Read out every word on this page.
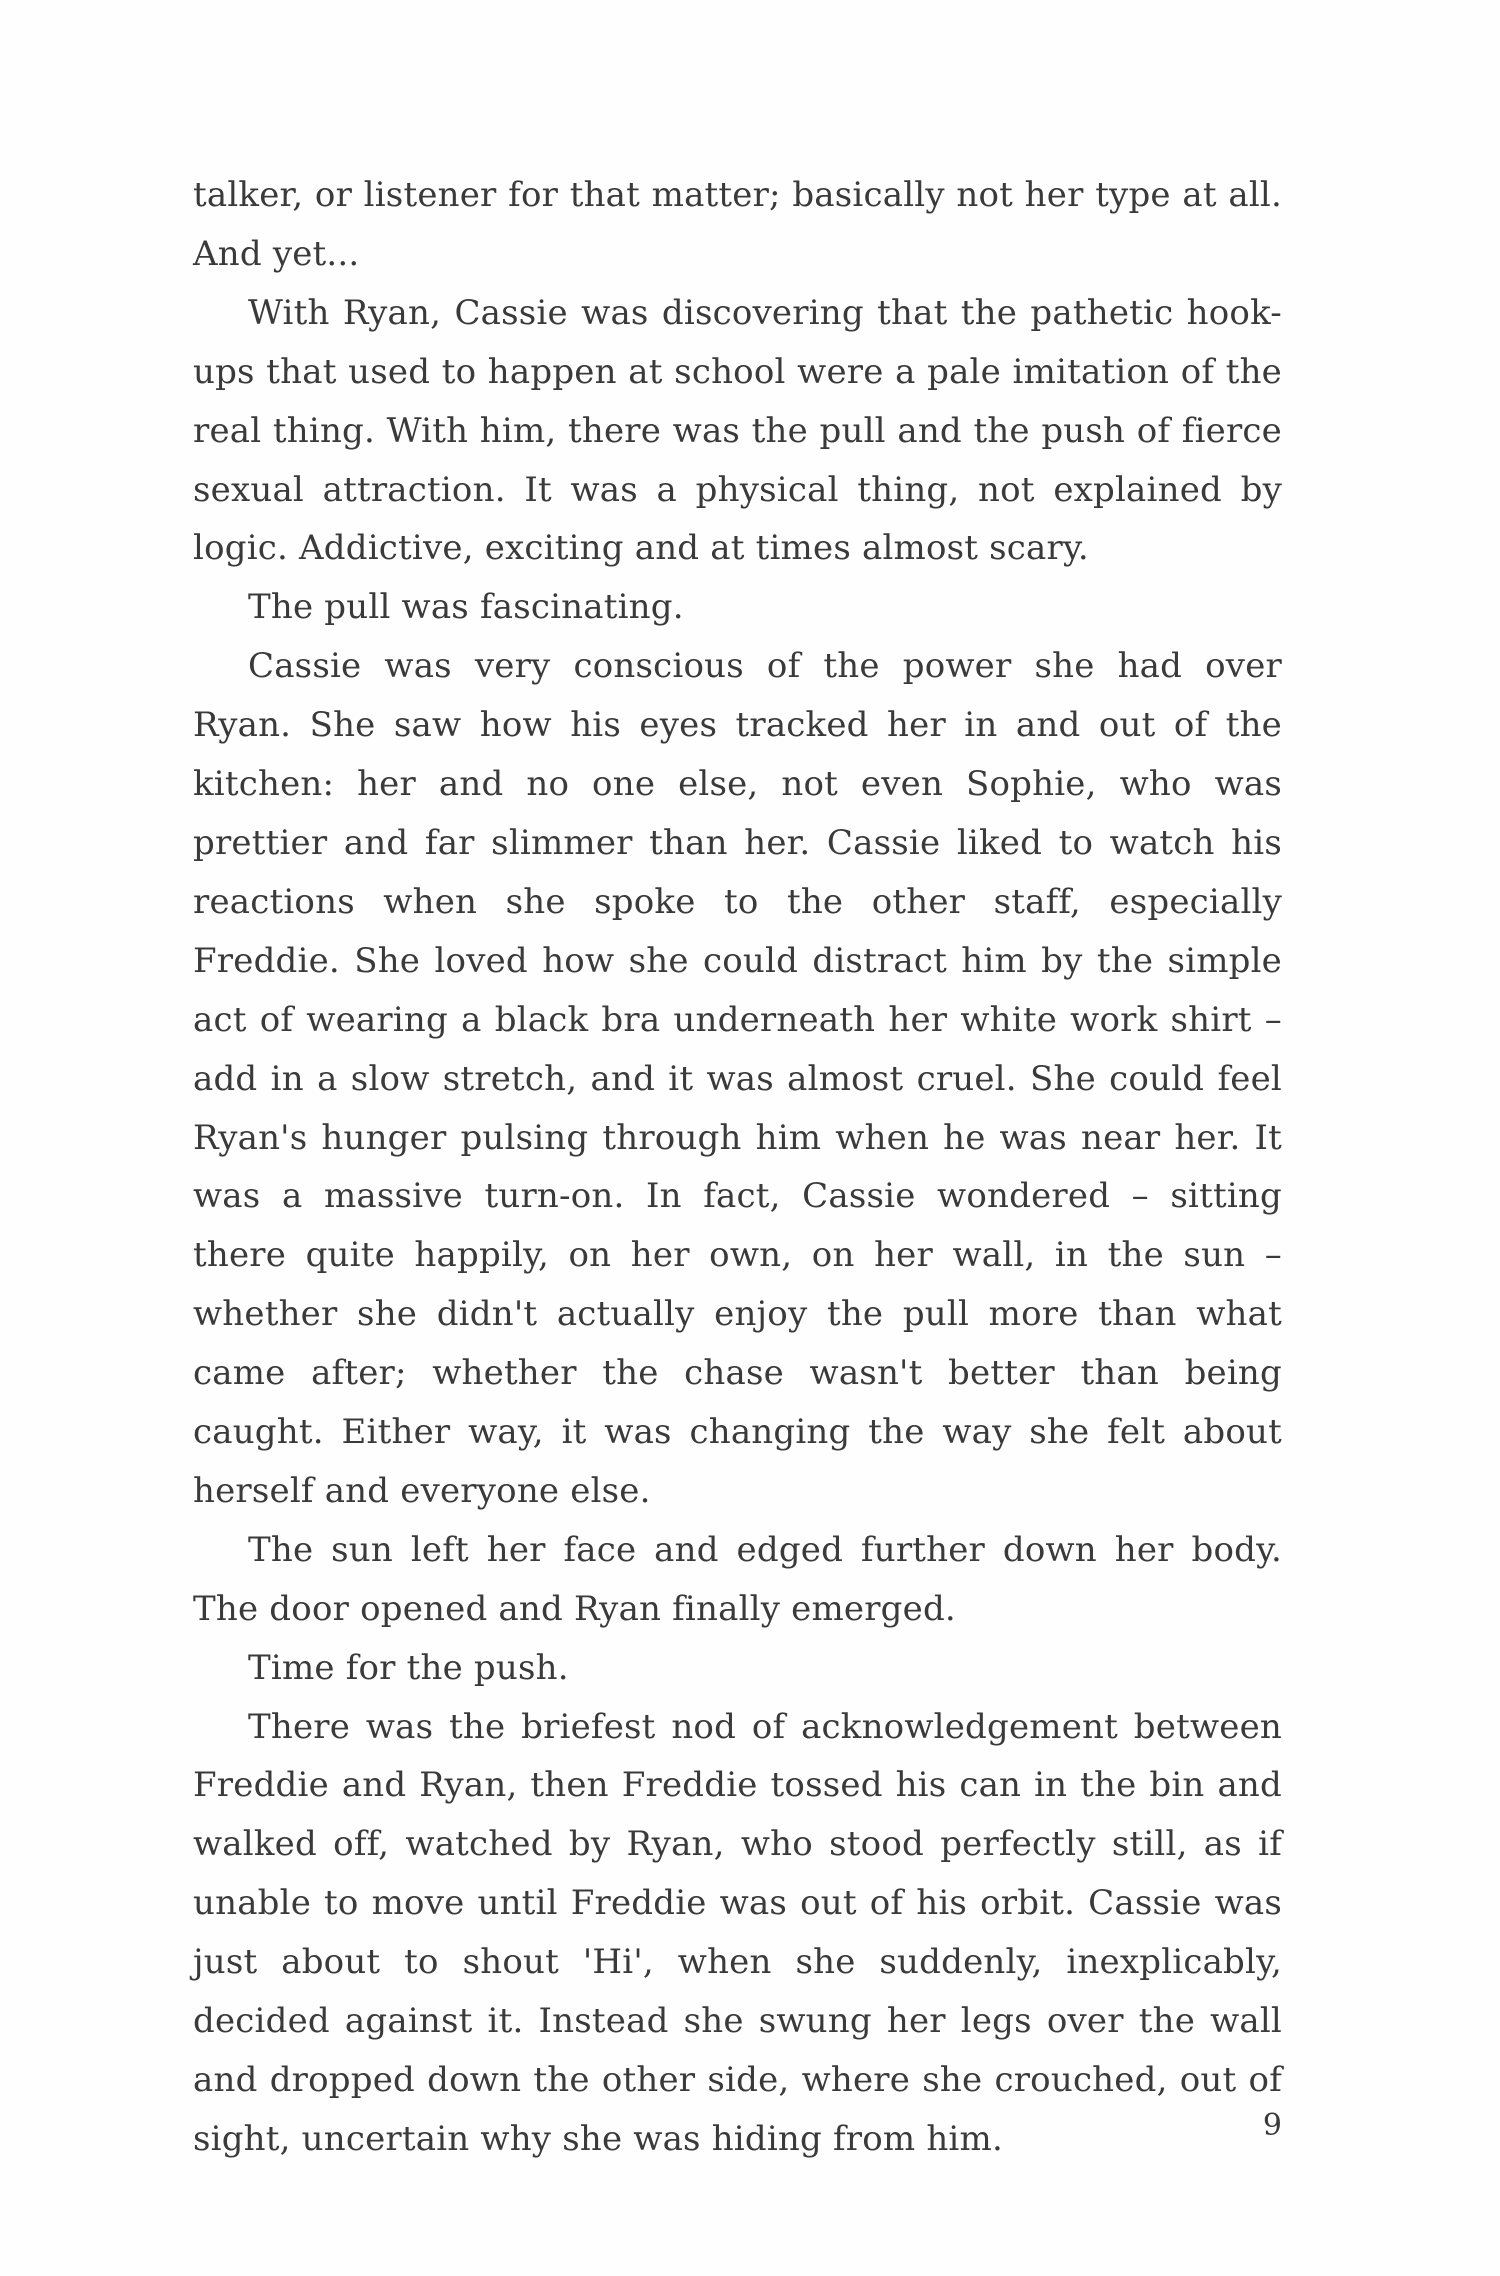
talker, or listener for that matter; basically not her type at all. And yet...

With Ryan, Cassie was discovering that the pathetic hook-ups that used to happen at school were a pale imitation of the real thing. With him, there was the pull and the push of fierce sexual attraction. It was a physical thing, not explained by logic. Addictive, exciting and at times almost scary.

The pull was fascinating.

Cassie was very conscious of the power she had over Ryan. She saw how his eyes tracked her in and out of the kitchen: her and no one else, not even Sophie, who was prettier and far slimmer than her. Cassie liked to watch his reactions when she spoke to the other staff, especially Freddie. She loved how she could distract him by the simple act of wearing a black bra underneath her white work shirt – add in a slow stretch, and it was almost cruel. She could feel Ryan's hunger pulsing through him when he was near her. It was a massive turn-on. In fact, Cassie wondered – sitting there quite happily, on her own, on her wall, in the sun – whether she didn't actually enjoy the pull more than what came after; whether the chase wasn't better than being caught. Either way, it was changing the way she felt about herself and everyone else.

The sun left her face and edged further down her body. The door opened and Ryan finally emerged.

Time for the push.

There was the briefest nod of acknowledgement between Freddie and Ryan, then Freddie tossed his can in the bin and walked off, watched by Ryan, who stood perfectly still, as if unable to move until Freddie was out of his orbit. Cassie was just about to shout 'Hi', when she suddenly, inexplicably, decided against it. Instead she swung her legs over the wall and dropped down the other side, where she crouched, out of sight, uncertain why she was hiding from him.	9
